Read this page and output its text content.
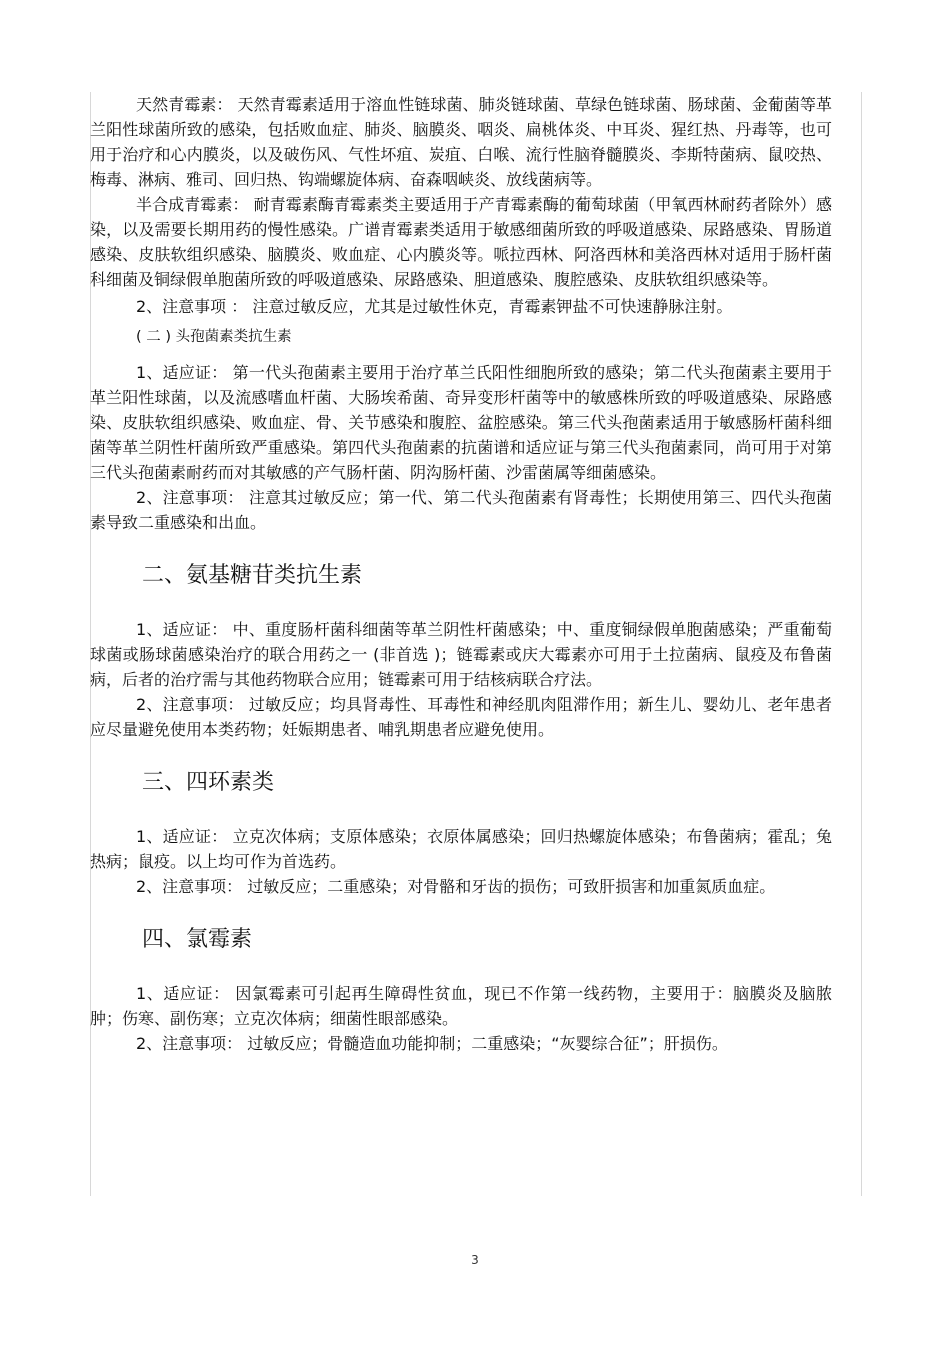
天然青霉素： 天然青霉素适用于溶血性链球菌、肺炎链球菌、草绿色链球菌、肠球菌、金葡菌等革兰阳性球菌所致的感染，包括败血症、肺炎、脑膜炎、咽炎、扁桃体炎、中耳炎、猩红热、丹毒等，也可用于治疗和心内膜炎，以及破伤风、气性坏疽、炭疽、白喉、流行性脑脊髓膜炎、李斯特菌病、鼠咬热、梅毒、淋病、雅司、回归热、钩端螺旋体病、奋森咽峡炎、放线菌病等。

半合成青霉素： 耐青霉素酶青霉素类主要适用于产青霉素酶的葡萄球菌（甲氧西林耐药者除外）感染，以及需要长期用药的慢性感染。广谱青霉素类适用于敏感细菌所致的呼吸道感染、尿路感染、胃肠道感染、皮肤软组织感染、脑膜炎、败血症、心内膜炎等。哌拉西林、阿洛西林和美洛西林对适用于肠杆菌科细菌及铜绿假单胞菌所致的呼吸道感染、尿路感染、胆道感染、腹腔感染、皮肤软组织感染等。

2、注意事项 ： 注意过敏反应，尤其是过敏性休克，青霉素钾盐不可快速静脉注射。

( 二 ) 头孢菌素类抗生素

1、适应证： 第一代头孢菌素主要用于治疗革兰氏阳性细胞所致的感染；第二代头孢菌素主要用于革兰阳性球菌，以及流感嗜血杆菌、大肠埃希菌、奇异变形杆菌等中的敏感株所致的呼吸道感染、尿路感染、皮肤软组织感染、败血症、骨、关节感染和腹腔、盆腔感染。第三代头孢菌素适用于敏感肠杆菌科细菌等革兰阴性杆菌所致严重感染。第四代头孢菌素的抗菌谱和适应证与第三代头孢菌素同，尚可用于对第三代头孢菌素耐药而对其敏感的产气肠杆菌、阴沟肠杆菌、沙雷菌属等细菌感染。

2、注意事项： 注意其过敏反应；第一代、第二代头孢菌素有肾毒性；长期使用第三、四代头孢菌素导致二重感染和出血。

二、氨基糖苷类抗生素

1、适应证： 中、重度肠杆菌科细菌等革兰阴性杆菌感染；中、重度铜绿假单胞菌感染；严重葡萄球菌或肠球菌感染治疗的联合用药之一 (非首选 )；链霉素或庆大霉素亦可用于土拉菌病、鼠疫及布鲁菌病，后者的治疗需与其他药物联合应用；链霉素可用于结核病联合疗法。

2、注意事项： 过敏反应；均具肾毒性、耳毒性和神经肌肉阻滞作用；新生儿、婴幼儿、老年患者应尽量避免使用本类药物；妊娠期患者、哺乳期患者应避免使用。

三、四环素类

1、适应证： 立克次体病；支原体感染；衣原体属感染；回归热螺旋体感染；布鲁菌病；霍乱；兔热病；鼠疫。以上均可作为首选药。

2、注意事项： 过敏反应；二重感染；对骨骼和牙齿的损伤；可致肝损害和加重氮质血症。

四、氯霉素

1、适应证： 因氯霉素可引起再生障碍性贫血，现已不作第一线药物，主要用于：脑膜炎及脑脓肿；伤寒、副伤寒；立克次体病；细菌性眼部感染。

2、注意事项： 过敏反应；骨髓造血功能抑制；二重感染；“灰婴综合征”；肝损伤。

3
